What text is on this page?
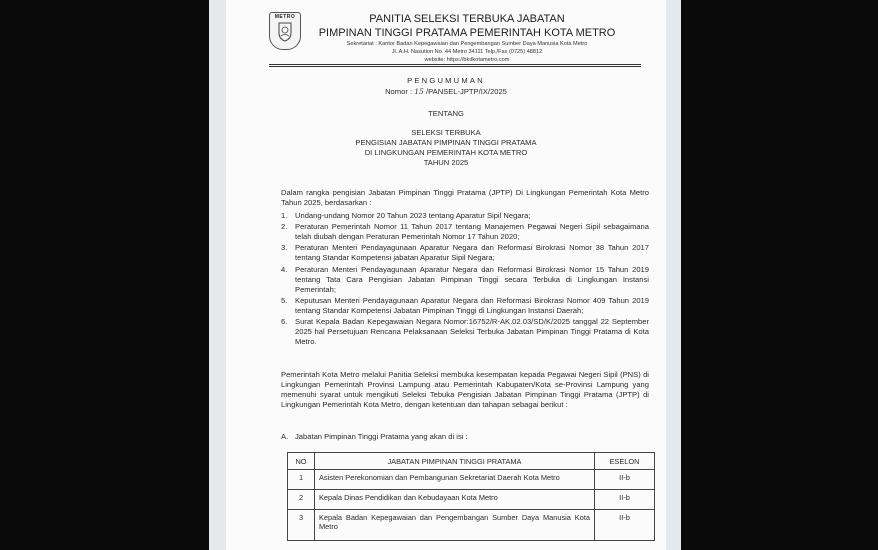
METRO	PANITIA SELEKSI TERBUKA JABATAN
PIMPINAN TINGGI PRATAMA PEMERINTAH KOTA METRO
Sekretariat : Kantor Badan Kepegawaian dan Pengembangan Sumber Daya Manusia Kota Metro
Jl. A.H. Nasution No. 44 Metro 34111 Telp./Fax (0725) 48812
website: https://bkdkotametro.com
PENGUMUMAN
Nomor : 15 /PANSEL-JPTP/IX/2025
TENTANG
SELEKSI TERBUKA
PENGISIAN JABATAN PIMPINAN TINGGI PRATAMA
DI LINGKUNGAN PEMERINTAH KOTA METRO
TAHUN 2025

Dalam rangka pengisian Jabatan Pimpinan Tinggi Pratama (JPTP) Di Lingkungan Pemerintah Kota Metro Tahun 2025, berdasarkan :

1. Undang-undang Nomor 20 Tahun 2023 tentang Aparatur Sipil Negara;
2. Peraturan Pemerintah Nomor 11 Tahun 2017 tentang Manajemen Pegawai Negeri Sipil sebagaimana telah diubah dengan Peraturan Pemerintah Nomor 17 Tahun 2020;
3. Peraturan Menteri Pendayagunaan Aparatur Negara dan Reformasi Birokrasi Nomor 38 Tahun 2017 tentang Standar Kompetensi jabatan Aparatur Sipil Negara;
4. Peraturan Menteri Pendayagunaan Aparatur Negara dan Reformasi Birokrasi Nomor 15 Tahun 2019 tentang Tata Cara Pengisian Jabatan Pimpinan Tinggi secara Terbuka di Lingkungan Instansi Pemerintah;
5. Keputusan Menteri Pendayagunaan Aparatur Negara dan Reformasi Birokrasi Nomor 409 Tahun 2019 tentang Standar Kompetensi Jabatan Pimpinan Tinggi di Lingkungan Instansi Daerah;
6. Surat Kepala Badan Kepegawaian Negara Nomor:16752/R-AK.02.03/SD/K/2025 tanggal 22 September 2025 hal Persetujuan Rencana Pelaksanaan Seleksi Terbuka Jabatan Pimpinan Tinggi Pratama di Kota Metro.

Pemerintah Kota Metro melalui Panitia Seleksi membuka kesempatan kepada Pegawai Negeri Sipil (PNS) di Lingkungan Pemerintah Provinsi Lampung atau Pemerintah Kabupaten/Kota se-Provinsi Lampung yang memenuhi syarat untuk mengikuti Seleksi Tebuka Pengisian Jabatan Pimpinan Tinggi Pratama (JPTP) di Lingkungan Pemerintah Kota Metro, dengan ketentuan dan tahapan sebagai berikut :

A. Jabatan Pimpinan Tinggi Pratama yang akan di isi :
NO	JABATAN PIMPINAN TINGGI PRATAMA	ESELON
1	Asisten Perekonomian dan Pembangunan Sekretariat Daerah Kota Metro	II-b
2	Kepala Dinas Pendidikan dan Kebudayaan Kota Metro	II-b
3	Kepala Badan Kepegawaian dan Pengembangan Sumber Daya Manusia Kota Metro	II-b
